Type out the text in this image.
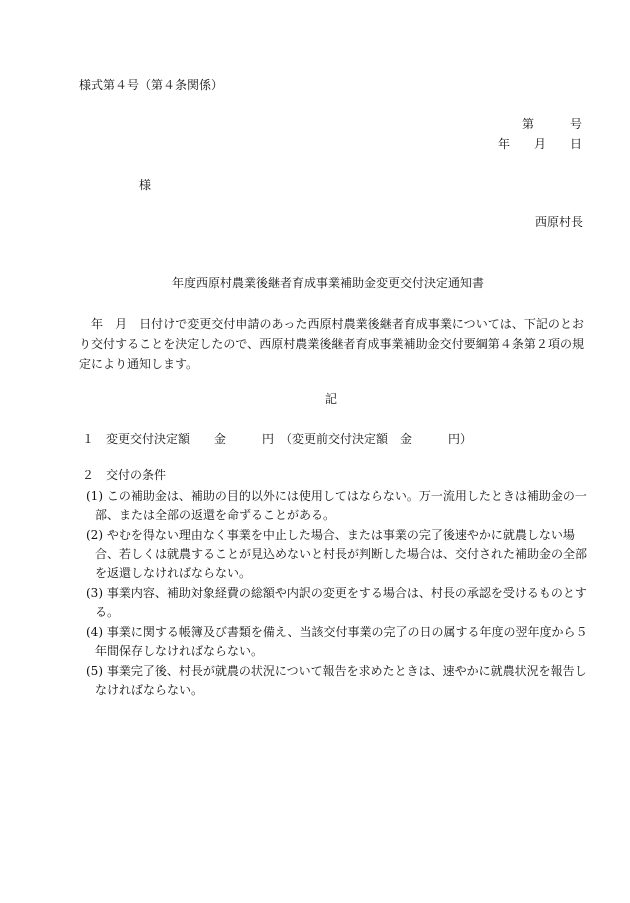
様式第４号（第４条関係）
第　　　号
年　　月　　日
様
西原村長
年度西原村農業後継者育成事業補助金変更交付決定通知書
年　月　日付けで変更交付申請のあった西原村農業後継者育成事業については、下記のとおり交付することを決定したので、西原村農業後継者育成事業補助金交付要綱第４条第２項の規定により通知します。
記
１　変更交付決定額　　金　　　円　（変更前交付決定額　金　　　円）
２　交付の条件
(1) この補助金は、補助の目的以外には使用してはならない。万一流用したときは補助金の一部、または全部の返還を命ずることがある。
(2) やむを得ない理由なく事業を中止した場合、または事業の完了後速やかに就農しない場合、若しくは就農することが見込めないと村長が判断した場合は、交付された補助金の全部を返還しなければならない。
(3) 事業内容、補助対象経費の総額や内訳の変更をする場合は、村長の承認を受けるものとする。
(4) 事業に関する帳簿及び書類を備え、当該交付事業の完了の日の属する年度の翌年度から５年間保存しなければならない。
(5) 事業完了後、村長が就農の状況について報告を求めたときは、速やかに就農状況を報告しなければならない。
